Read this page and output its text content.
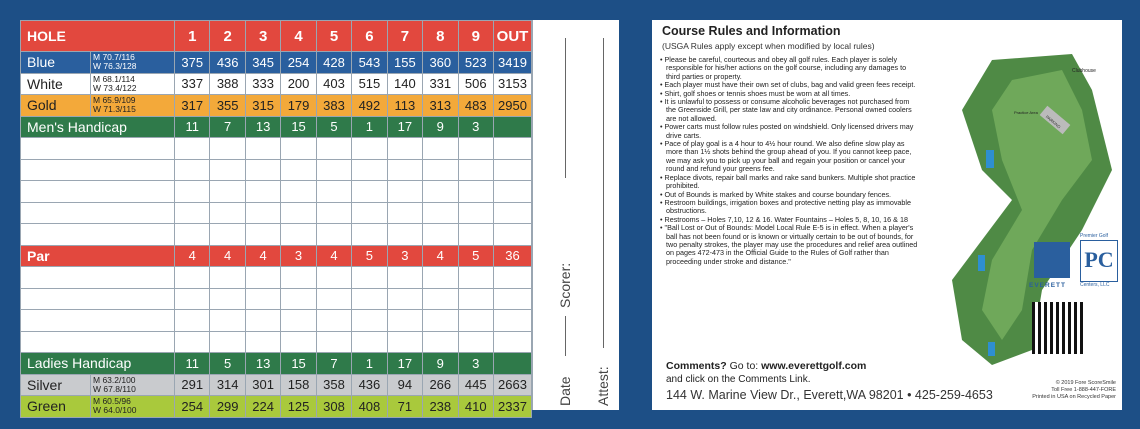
HOLE		1	2	3	4	5	6	7	8	9	OUT
Blue	M 70.7/116
W 76.3/128	375	436	345	254	428	543	155	360	523	3419
White	M 68.1/114
W 73.4/122	337	388	333	200	403	515	140	331	506	3153
Gold	M 65.9/109
W 71.3/115	317	355	315	179	383	492	113	313	483	2950
Men's Handicap		11	7	13	15	5	1	17	9	3	

Par		4	4	4	3	4	5	3	4	5	36

Ladies Handicap		11	5	13	15	7	1	17	9	3	
Silver	M 63.2/100
W 67.8/110	291	314	301	158	358	436	94	266	445	2663
Green	M 60.5/96
W 64.0/100	254	299	224	125	308	408	71	238	410	2337
Scorer:
Date Attest:
Course Rules and Information
(USGA Rules apply except when modified by local rules)
• Please be careful, courteous and obey all golf rules. Each player is solely responsible for his/her actions on the golf course, including any damages to third parties or property.
• Each player must have their own set of clubs, bag and valid green fees receipt.
• Shirt, golf shoes or tennis shoes must be worn at all times.
• It is unlawful to possess or consume alcoholic beverages not purchased from the Greenside Grill, per state law and city ordinance. Personal owned coolers are not allowed.
• Power carts must follow rules posted on windshield. Only licensed drivers may drive carts.
• Pace of play goal is a 4 hour to 4½ hour round. We also define slow play as more than 1½ shots behind the group ahead of you. If you cannot keep pace, we may ask you to pick up your ball and regain your position or cancel your round and refund your greens fee.
• Replace divots, repair ball marks and rake sand bunkers. Multiple shot practice prohibited.
• Out of Bounds is marked by White stakes and course boundary fences.
• Restroom buildings, irrigation boxes and protective netting play as immovable obstructions.
• Restrooms – Holes 7,10, 12 & 16. Water Fountains – Holes 5, 8, 10, 16 & 18
• "Ball Lost or Out of Bounds: Model Local Rule E-5 is in effect. When a player's ball has not been found or is known or virtually certain to be out of bounds, for two penalty strokes, the player may use the procedures and relief area outlined on pages 472-473 in the Official Guide to the Rules of Golf rather than proceeding under stroke and distance."
PARKING
Clubhouse
Practice Area
EVERETT
Premier Golf
PC
Centers, LLC
Comments? Go to: www.everettgolf.com
and click on the Comments Link.
144 W. Marine View Dr., Everett,WA 98201 • 425-259-4653
© 2019 Fore ScoreSmile
Toll Free 1-888-447-FORE
Printed in USA on Recycled Paper
